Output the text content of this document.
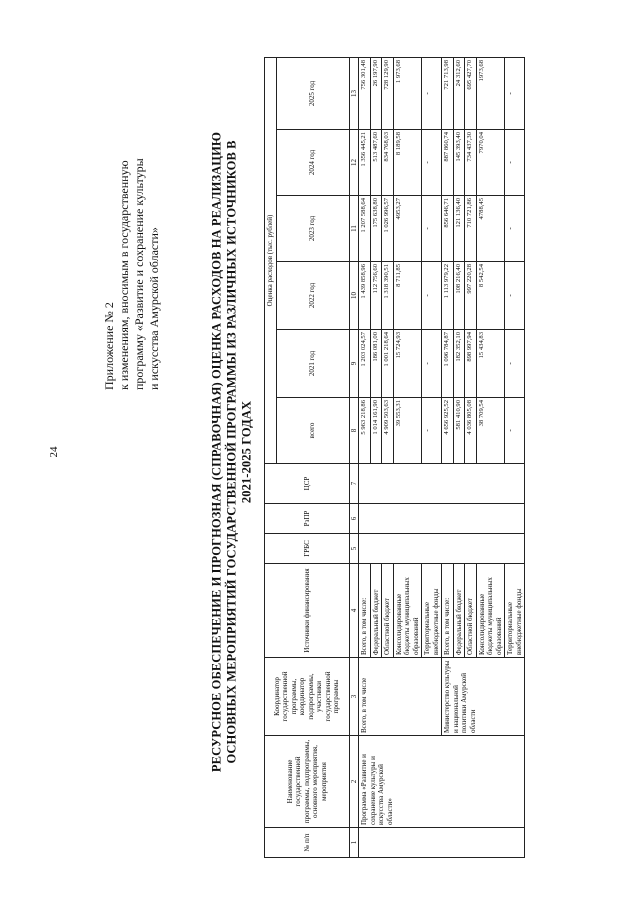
24
Приложение № 2 к изменениям, вносимым в государственную программу «Развитие и сохранение культуры и искусства Амурской области»	РЕСУРСНОЕ ОБЕСПЕЧЕНИЕ И ПРОГНОЗНАЯ (СПРАВОЧНАЯ) ОЦЕНКА РАСХОДОВ НА РЕАЛИЗАЦИЮ ОСНОВНЫХ МЕРОПРИЯТИЙ ГОСУДАРСТВЕННОЙ ПРОГРАММЫ ИЗ РАЗЛИЧНЫХ ИСТОЧНИКОВ В 2021-2025 ГОДАХ
№ п/п	Наименование государственной программы, подпрограммы, основного мероприятия, мероприятия	Координатор государственной программы, координатор подпрограммы, участники государственной программы	Источники финансирования	ГРБС	РзПР	ЦСР	Оценка расходов (тыс. рублей)					
							всего	2021 год	2022 год	2023 год	2024 год	2025 год
1	2	3	4	5	6	7	8	9	10	11	12	13
	Программа «Развитие и сохранение культуры и искусства Амурской области»	Всего, в том числе	Всего, в том числе:				5 963 218,86	1 203 024,57	1 439 858,96	1 207 588,64	1 356 445,21	756 301,48
			Федеральный бюджет				1 014 161,90	186 081,00	112 756,60	175 638,80	513 487,60	26 197,90
			Областной бюджет				4 909 503,63	1 001 218,64	1 318 390,51	1 026 996,57	834 768,03	728 129,90
			Консолидированные бюджеты муниципальных образований				39 553,31	15 724,93	8 711,85	4953,27	8 189,58	1 973,68
			Территориальные внебюджетные фонды				-	-	-	-	-	-
		Министерство культуры и национальной политики Амурской области	Всего, в том числе:				4 656 925,52	1 096 784,87	1 113 979,22	856 646,71	887 860,74	721 713,98
			Федеральный бюджет				581 410,90	182 352,10	108 216,40	121 136,40	145 393,40	24 312,60
			Областной бюджет				4 036 805,08	898 997,94	997 220,28	710 721,86	734 437,30	695 427,70
			Консолидированные бюджеты муниципальных образований				38 709,54	15 434,83	8 542,54	4788,45	7970,04	1973,68
			Территориальные внебюджетные фонды				-	-	-	-	-	-
